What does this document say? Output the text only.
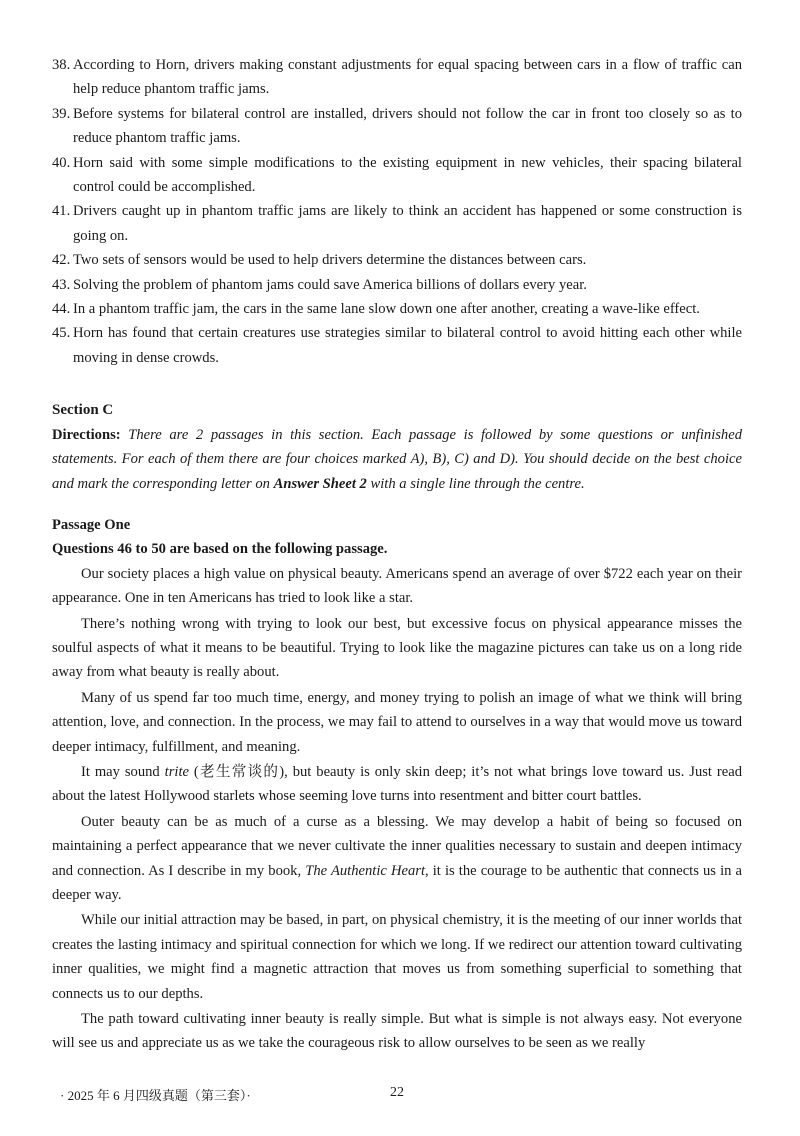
38. According to Horn, drivers making constant adjustments for equal spacing between cars in a flow of traffic can help reduce phantom traffic jams.
39. Before systems for bilateral control are installed, drivers should not follow the car in front too closely so as to reduce phantom traffic jams.
40. Horn said with some simple modifications to the existing equipment in new vehicles, their spacing bilateral control could be accomplished.
41. Drivers caught up in phantom traffic jams are likely to think an accident has happened or some construction is going on.
42. Two sets of sensors would be used to help drivers determine the distances between cars.
43. Solving the problem of phantom jams could save America billions of dollars every year.
44. In a phantom traffic jam, the cars in the same lane slow down one after another, creating a wave-like effect.
45. Horn has found that certain creatures use strategies similar to bilateral control to avoid hitting each other while moving in dense crowds.
Section C
Directions: There are 2 passages in this section. Each passage is followed by some questions or unfinished statements. For each of them there are four choices marked A), B), C) and D). You should decide on the best choice and mark the corresponding letter on Answer Sheet 2 with a single line through the centre.
Passage One
Questions 46 to 50 are based on the following passage.

Our society places a high value on physical beauty. Americans spend an average of over $722 each year on their appearance. One in ten Americans has tried to look like a star.

There’s nothing wrong with trying to look our best, but excessive focus on physical appearance misses the soulful aspects of what it means to be beautiful. Trying to look like the magazine pictures can take us on a long ride away from what beauty is really about.

Many of us spend far too much time, energy, and money trying to polish an image of what we think will bring attention, love, and connection. In the process, we may fail to attend to ourselves in a way that would move us toward deeper intimacy, fulfillment, and meaning.

It may sound trite (老生常谈的), but beauty is only skin deep; it’s not what brings love toward us. Just read about the latest Hollywood starlets whose seeming love turns into resentment and bitter court battles.

Outer beauty can be as much of a curse as a blessing. We may develop a habit of being so focused on maintaining a perfect appearance that we never cultivate the inner qualities necessary to sustain and deepen intimacy and connection. As I describe in my book, The Authentic Heart, it is the courage to be authentic that connects us in a deeper way.

While our initial attraction may be based, in part, on physical chemistry, it is the meeting of our inner worlds that creates the lasting intimacy and spiritual connection for which we long. If we redirect our attention toward cultivating inner qualities, we might find a magnetic attraction that moves us from something superficial to something that connects us to our depths.

The path toward cultivating inner beauty is really simple. But what is simple is not always easy. Not everyone will see us and appreciate us as we take the courageous risk to allow ourselves to be seen as we really

· 2025 年 6 月四级真题（第三套）·	22
